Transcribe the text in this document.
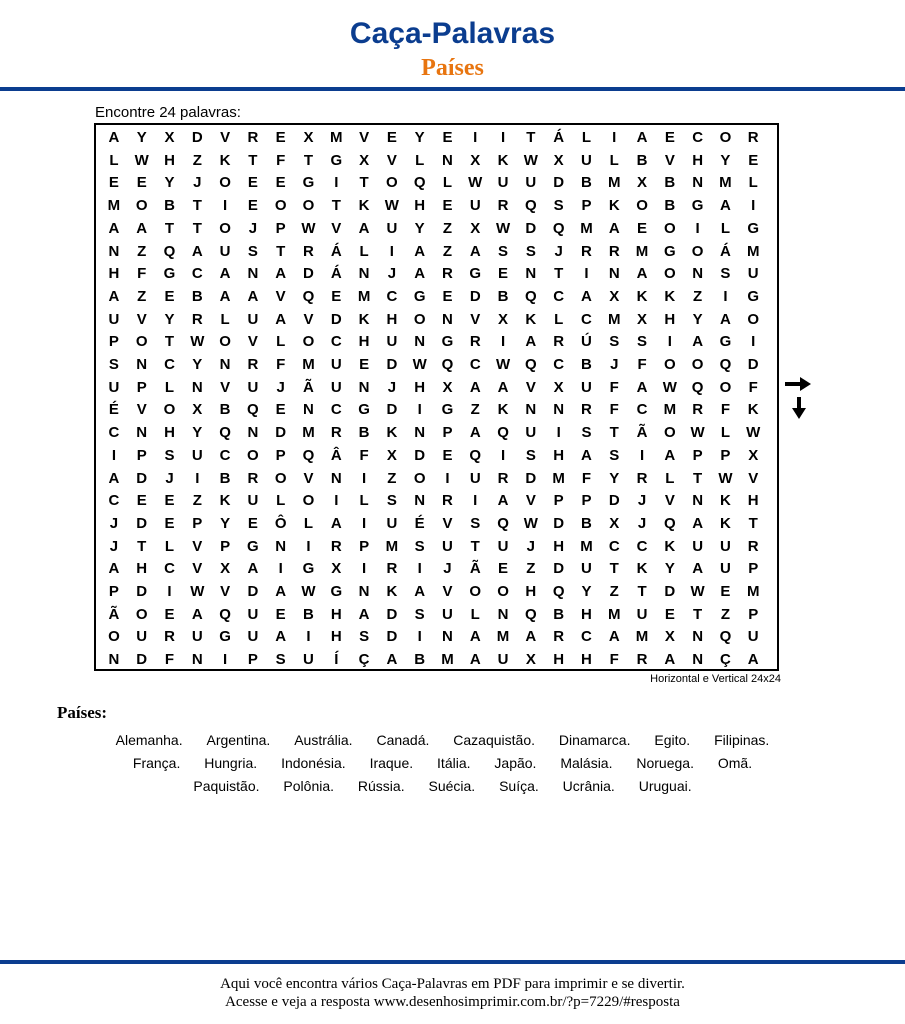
Caça-Palavras
Países
Encontre 24 palavras:
A	Y	X	D	V	R	E	X	M	V	E	Y	E	I	I	T	Á	L	I	A	E	C	O	R
L	W	H	Z	K	T	F	T	G	X	V	L	N	X	K	W	X	U	L	B	V	H	Y	E
E	E	Y	J	O	E	E	G	I	T	O	Q	L	W	U	U	D	B	M	X	B	N	M	L
M	O	B	T	I	E	O	O	T	K	W	H	E	U	R	Q	S	P	K	O	B	G	A	I
A	A	T	T	O	J	P	W	V	A	U	Y	Z	X	W	D	Q	M	A	E	O	I	L	G
N	Z	Q	A	U	S	T	R	Á	L	I	A	Z	A	S	S	J	R	R	M	G	O	Á	M
H	F	G	C	A	N	A	D	Á	N	J	A	R	G	E	N	T	I	N	A	O	N	S	U
A	Z	E	B	A	A	V	Q	E	M	C	G	E	D	B	Q	C	A	X	K	K	Z	I	G
U	V	Y	R	L	U	A	V	D	K	H	O	N	V	X	K	L	C	M	X	H	Y	A	O
P	O	T	W O	V	L	O	C	H	U	N	G	R	I	A	R	Ú	S	S	I	A	G	I
S	N	C	Y	N	R	F	M	U	E	D	W Q	C	W Q	C	B	J	F	O	O	Q	D
U	P	L	N	V	U	J	Ã	U	N	J	H	X	A	A	V	X	U	F	A	W Q	O	F
É	V	O	X	B	Q	E	N	C	G	D	I	G	Z	K	N	N	R	F	C	M	R	F	K
C	N	H	Y	Q	N	D	M	R	B	K	N	P	A	Q	U	I	S	T	Ã	O W	L	W
I	P	S	U	C	O	P	Q	Â	F	X	D	E	Q	I	S	H	A	S	I	A	P	P	X
A	D	J	I	B	R	O	V	N	I	Z	O	I	U	R	D	M	F	Y	R	L	T	W	V
C	E	E	Z	K	U	L	O	I	L	S	N	R	I	A	V	P	P	D	J	V	N	K	H
J	D	E	P	Y	E	Ô	L	A	I	U	É	V	S	Q W	D	B	X	J	Q	A	K	T
J	T	L	V	P	G	N	I	R	P	M	S	U	T	U	J	H	M	C	C	K	U	U	R
A	H	C	V	X	A	I	G	X	I	R	I	J	Ã	E	Z	D	U	T	K	Y	A	U	P
P	D	I	W	V	D	A	W G	N	K	A	V	O	O	H	Q	Y	Z	T	D	W	E	M
Ã	O	E	A	Q	U	E	B	H	A	D	S	U	L	N	Q	B	H	M	U	E	T	Z	P
O	U	R	U	G	U	A	I	H	S	D	I	N	A	M	A	R	C	A	M	X	N	Q	U
N	D	F	N	I	P	S	U	Í	Ç	A	B	M	A	U	X	H	H	F	R	A	N	Ç	A
Horizontal e Vertical 24x24
Países:
Alemanha. Argentina. Austrália. Canadá. Cazaquistão. Dinamarca. Egito. Filipinas.
França. Hungria. Indonésia. Iraque. Itália. Japão. Malásia. Noruega. Omã.
Paquistão. Polônia. Rússia. Suécia. Suíça. Ucrânia. Uruguai.
Aqui você encontra vários Caça-Palavras em PDF para imprimir e se divertir.
Acesse e veja a resposta www.desenhosimprimir.com.br/?p=7229/#resposta
